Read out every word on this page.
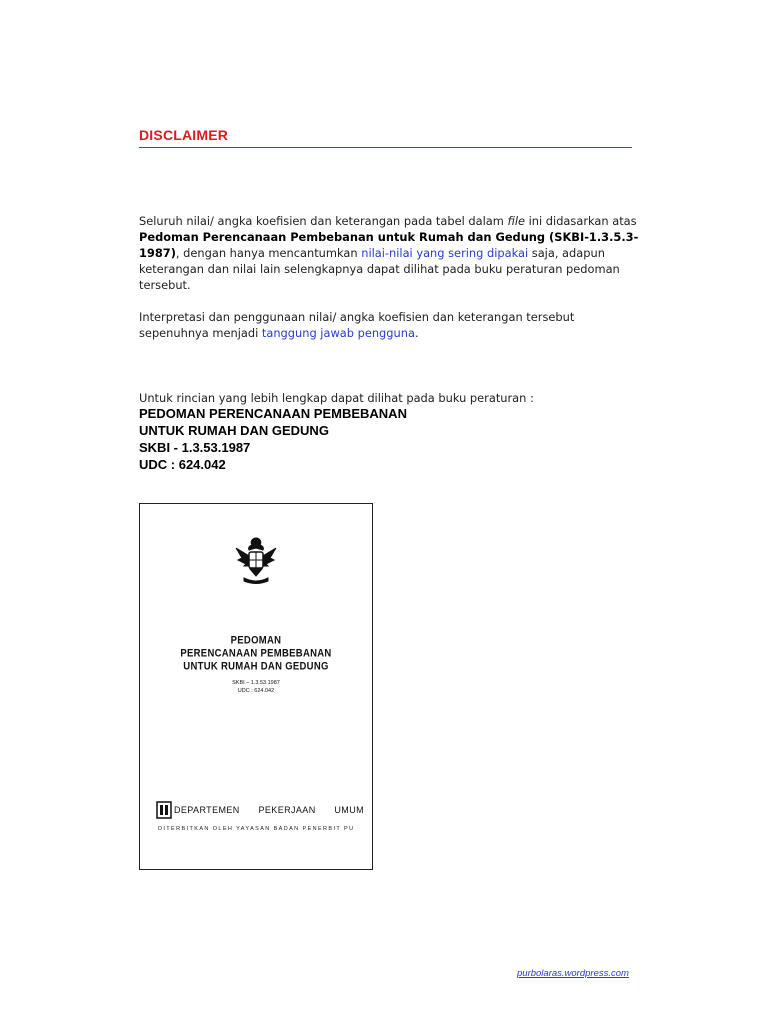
DISCLAIMER
Seluruh nilai/ angka koefisien dan keterangan pada tabel dalam file ini didasarkan atas Pedoman Perencanaan Pembebanan untuk Rumah dan Gedung (SKBI-1.3.5.3-1987), dengan hanya mencantumkan nilai-nilai yang sering dipakai saja, adapun keterangan dan nilai lain selengkapnya dapat dilihat pada buku peraturan pedoman tersebut.
Interpretasi dan penggunaan nilai/ angka koefisien dan keterangan tersebut sepenuhnya menjadi tanggung jawab pengguna.
Untuk rincian yang lebih lengkap dapat dilihat pada buku peraturan :
PEDOMAN PERENCANAAN PEMBEBANAN
UNTUK RUMAH DAN GEDUNG
SKBI - 1.3.53.1987
UDC : 624.042
PEDOMAN
PERENCANAAN PEMBEBANAN
UNTUK RUMAH DAN GEDUNG
SKBI – 1.3.53.1987
UDC : 624.042
DEPARTEMEN PEKERJAAN UMUM
DITERBITKAN OLEH YAYASAN BADAN PENERBIT PU
purbolaras.wordpress.com
